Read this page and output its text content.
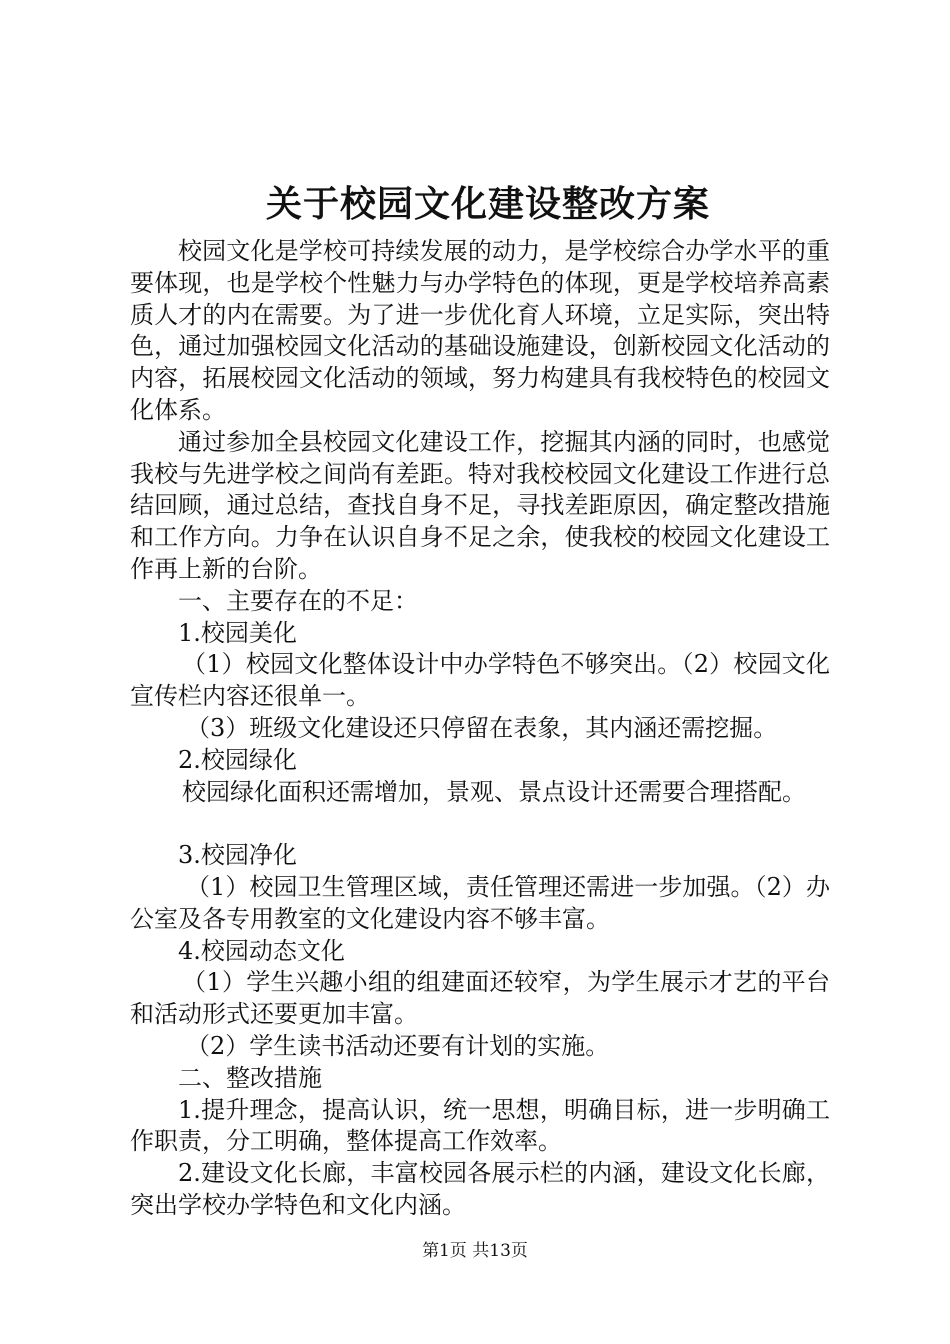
关于校园文化建设整改方案

校园文化是学校可持续发展的动力，是学校综合办学水平的重要体现，也是学校个性魅力与办学特色的体现，更是学校培养高素质人才的内在需要。为了进一步优化育人环境，立足实际，突出特色，通过加强校园文化活动的基础设施建设，创新校园文化活动的内容，拓展校园文化活动的领域，努力构建具有我校特色的校园文化体系。

通过参加全县校园文化建设工作，挖掘其内涵的同时，也感觉我校与先进学校之间尚有差距。特对我校校园文化建设工作进行总结回顾，通过总结，查找自身不足，寻找差距原因，确定整改措施和工作方向。力争在认识自身不足之余，使我校的校园文化建设工作再上新的台阶。

一、主要存在的不足：

1.校园美化

（1）校园文化整体设计中办学特色不够突出。（2）校园文化宣传栏内容还很单一。

（3）班级文化建设还只停留在表象，其内涵还需挖掘。

2.校园绿化

校园绿化面积还需增加，景观、景点设计还需要合理搭配。

3.校园净化

（1）校园卫生管理区域，责任管理还需进一步加强。（2）办公室及各专用教室的文化建设内容不够丰富。

4.校园动态文化

（1）学生兴趣小组的组建面还较窄，为学生展示才艺的平台和活动形式还要更加丰富。

（2）学生读书活动还要有计划的实施。

二、整改措施

1.提升理念，提高认识，统一思想，明确目标，进一步明确工作职责，分工明确，整体提高工作效率。

2.建设文化长廊，丰富校园各展示栏的内涵，建设文化长廊，突出学校办学特色和文化内涵。

第1页 共13页
